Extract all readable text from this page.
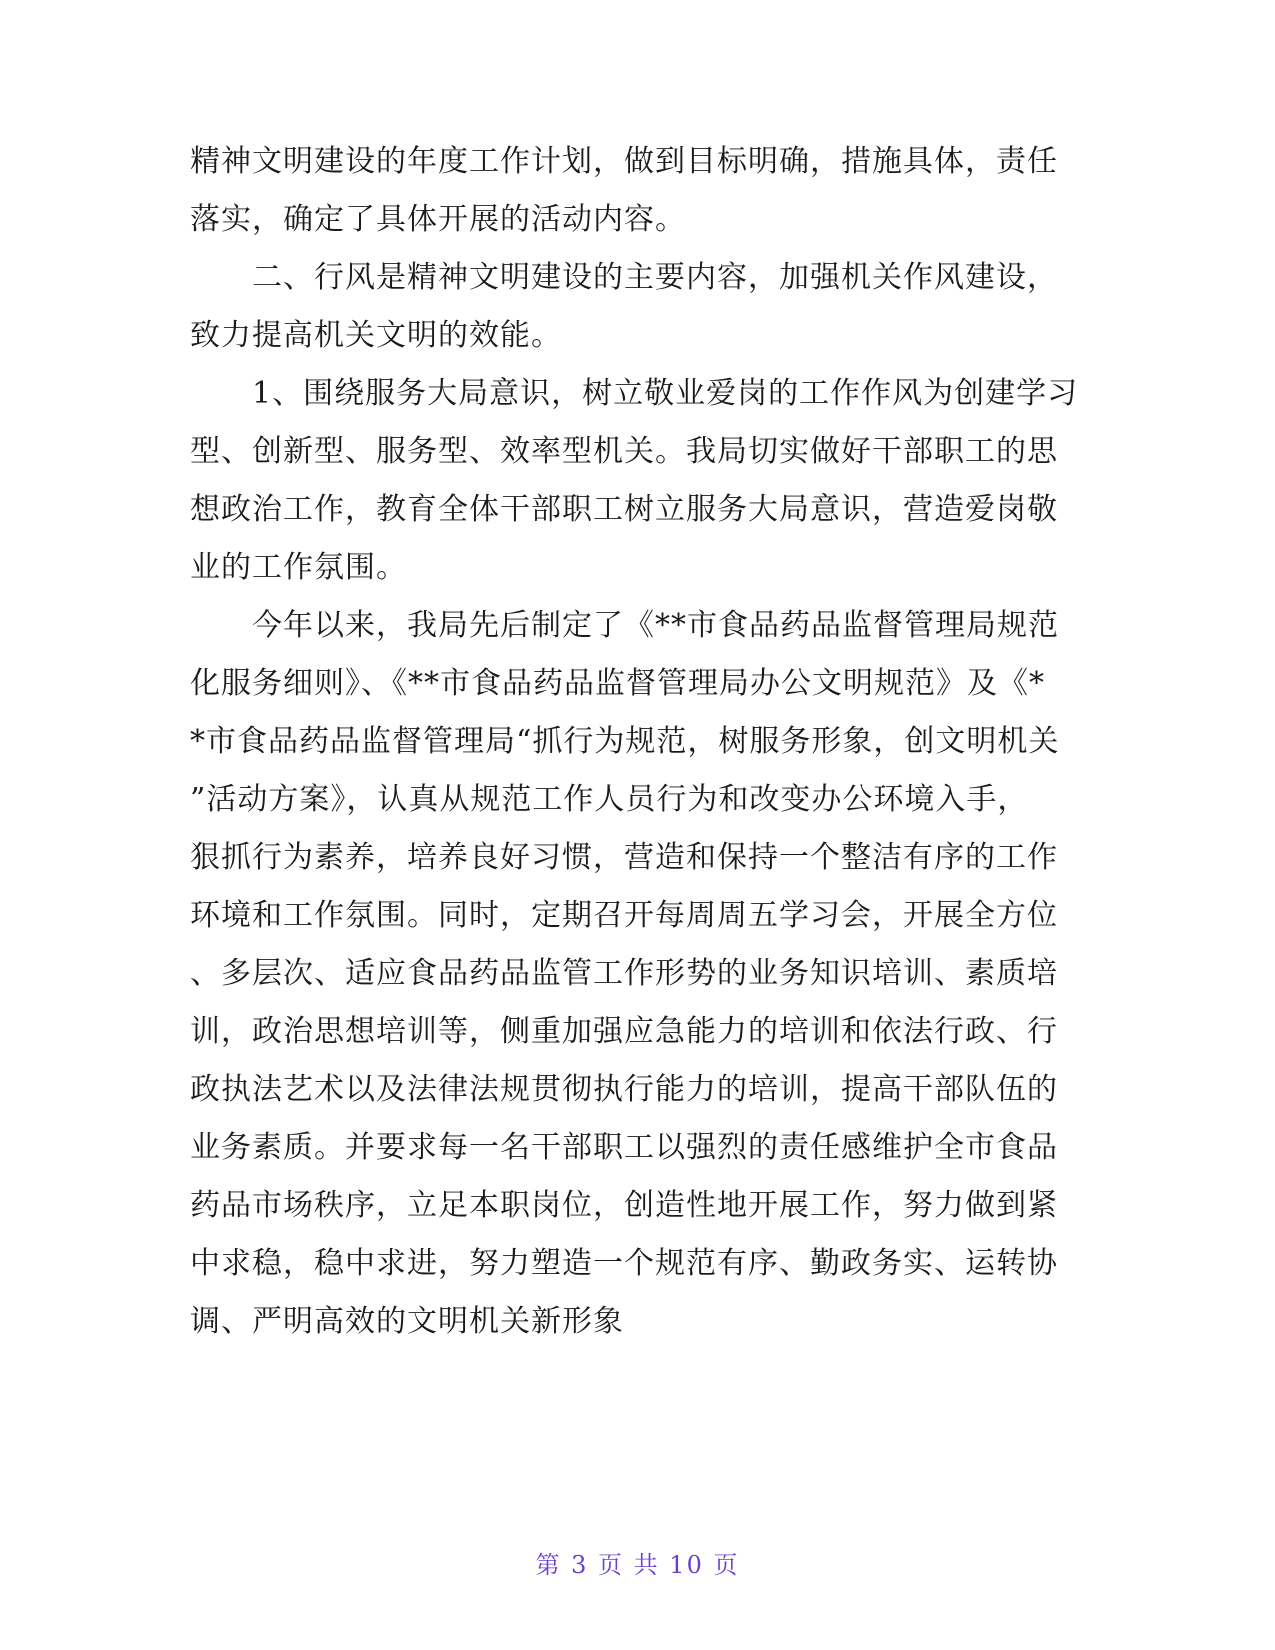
精神文明建设的年度工作计划，做到目标明确，措施具体，责任
落实，确定了具体开展的活动内容。
二、行风是精神文明建设的主要内容，加强机关作风建设，
致力提高机关文明的效能。
1、围绕服务大局意识，树立敬业爱岗的工作作风为创建学习
型、创新型、服务型、效率型机关。我局切实做好干部职工的思
想政治工作，教育全体干部职工树立服务大局意识，营造爱岗敬
业的工作氛围。
今年以来，我局先后制定了《**市食品药品监督管理局规范
化服务细则》、《**市食品药品监督管理局办公文明规范》及《*
*市食品药品监督管理局“抓行为规范，树服务形象，创文明机关
”活动方案》，认真从规范工作人员行为和改变办公环境入手，
狠抓行为素养，培养良好习惯，营造和保持一个整洁有序的工作
环境和工作氛围。同时，定期召开每周周五学习会，开展全方位
、多层次、适应食品药品监管工作形势的业务知识培训、素质培
训，政治思想培训等，侧重加强应急能力的培训和依法行政、行
政执法艺术以及法律法规贯彻执行能力的培训，提高干部队伍的
业务素质。并要求每一名干部职工以强烈的责任感维护全市食品
药品市场秩序，立足本职岗位，创造性地开展工作，努力做到紧
中求稳，稳中求进，努力塑造一个规范有序、勤政务实、运转协
调、严明高效的文明机关新形象
第 3 页 共 10 页
